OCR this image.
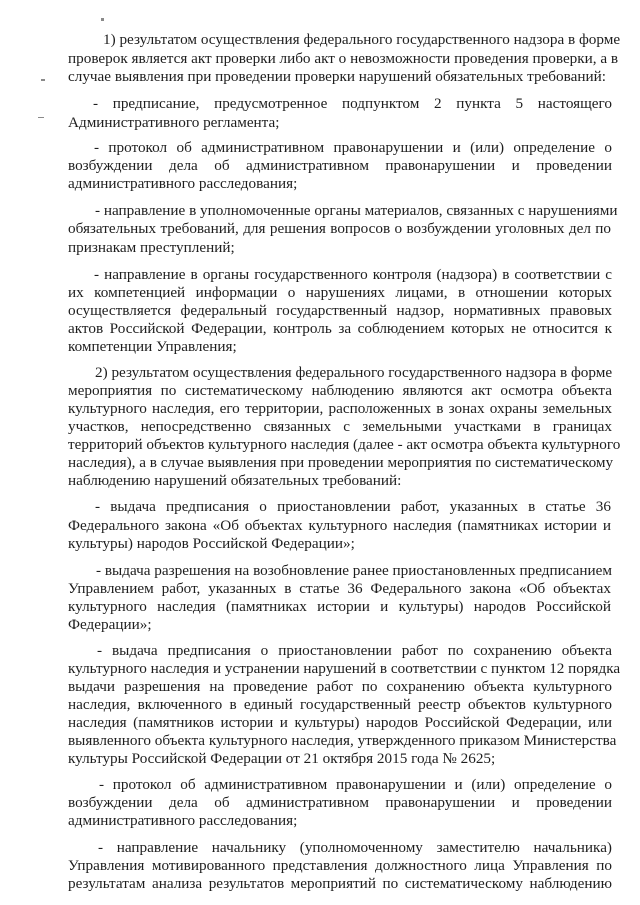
1) результатом осуществления федерального государственного надзора в форме
проверок является акт проверки либо акт о невозможности проведения проверки, а в
случае выявления при проведении проверки нарушений обязательных требований:
- предписание, предусмотренное подпунктом 2 пункта 5 настоящего
Административного регламента;
- протокол об административном правонарушении и (или) определение о
возбуждении дела об административном правонарушении и проведении
административного расследования;
- направление в уполномоченные органы материалов, связанных с нарушениями
обязательных требований, для решения вопросов о возбуждении уголовных дел по
признакам преступлений;
- направление в органы государственного контроля (надзора) в соответствии с
их компетенцией информации о нарушениях лицами, в отношении которых
осуществляется федеральный государственный надзор, нормативных правовых
актов Российской Федерации, контроль за соблюдением которых не относится к
компетенции Управления;
2) результатом осуществления федерального государственного надзора в форме
мероприятия по систематическому наблюдению являются акт осмотра объекта
культурного наследия, его территории, расположенных в зонах охраны земельных
участков, непосредственно связанных с земельными участками в границах
территорий объектов культурного наследия (далее - акт осмотра объекта культурного
наследия), а в случае выявления при проведении мероприятия по систематическому
наблюдению нарушений обязательных требований:
- выдача предписания о приостановлении работ, указанных в статье 36
Федерального закона «Об объектах культурного наследия (памятниках истории и
культуры) народов Российской Федерации»;
- выдача разрешения на возобновление ранее приостановленных предписанием
Управлением работ, указанных в статье 36 Федерального закона «Об объектах
культурного наследия (памятниках истории и культуры) народов Российской
Федерации»;
- выдача предписания о приостановлении работ по сохранению объекта
культурного наследия и устранении нарушений в соответствии с пунктом 12 порядка
выдачи разрешения на проведение работ по сохранению объекта культурного
наследия, включенного в единый государственный реестр объектов культурного
наследия (памятников истории и культуры) народов Российской Федерации, или
выявленного объекта культурного наследия, утвержденного приказом Министерства
культуры Российской Федерации от 21 октября 2015 года № 2625;
- протокол об административном правонарушении и (или) определение о
возбуждении дела об административном правонарушении и проведении
административного расследования;
- направление начальнику (уполномоченному заместителю начальника)
Управления мотивированного представления должностного лица Управления по
результатам анализа результатов мероприятий по систематическому наблюдению
